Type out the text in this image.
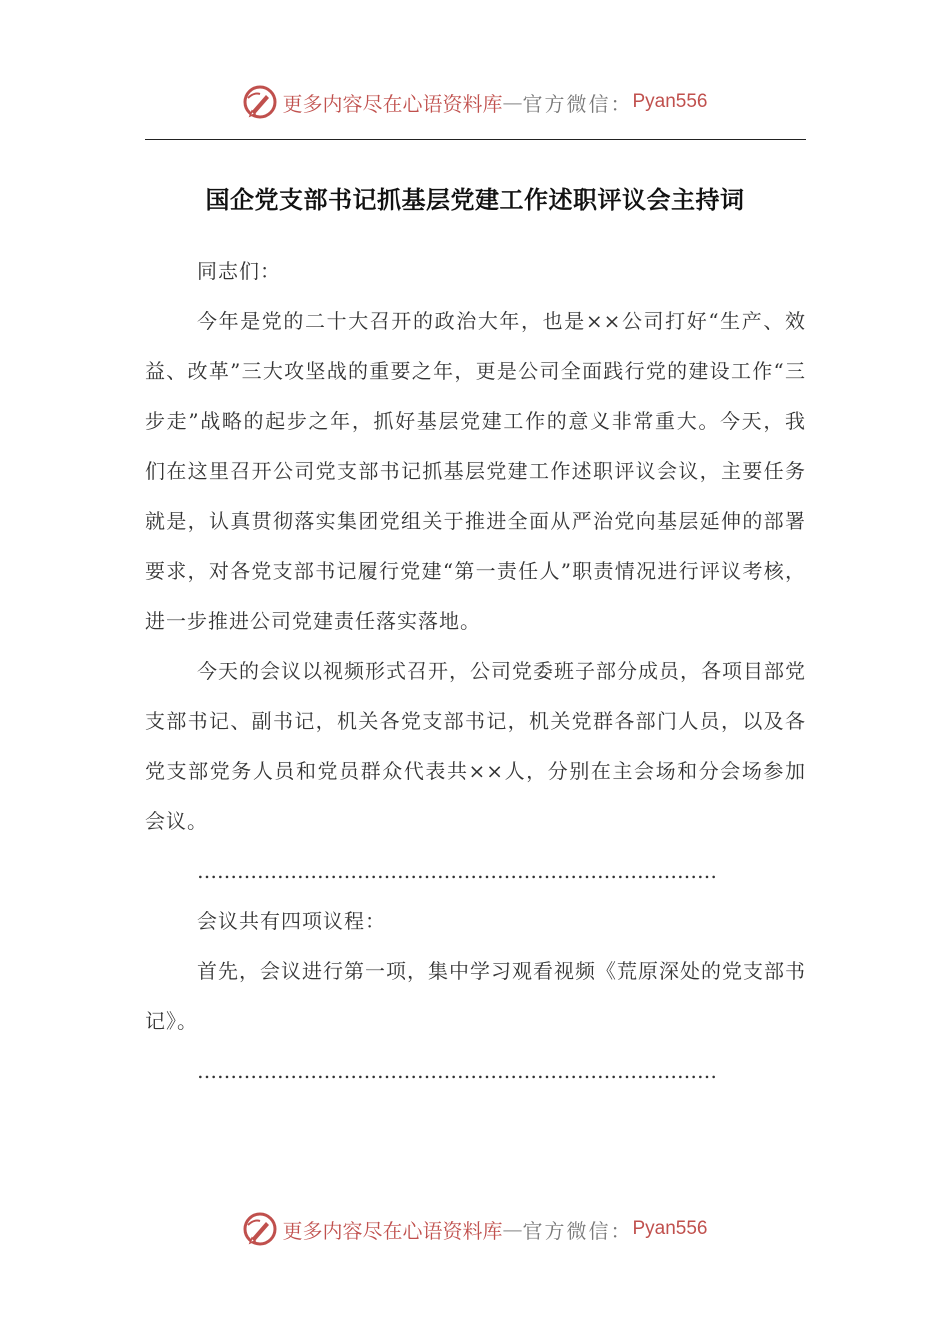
更多内容尽在心语资料库 — 官方微信： Pyan556
国企党支部书记抓基层党建工作述职评议会主持词

同志们：

今年是党的二十大召开的政治大年，也是××公司打好“生产、效益、改革”三大攻坚战的重要之年，更是公司全面践行党的建设工作“三步走”战略的起步之年，抓好基层党建工作的意义非常重大。今天，我们在这里召开公司党支部书记抓基层党建工作述职评议会议，主要任务就是，认真贯彻落实集团党组关于推进全面从严治党向基层延伸的部署要求，对各党支部书记履行党建“第一责任人”职责情况进行评议考核，进一步推进公司党建责任落实落地。

今天的会议以视频形式召开，公司党委班子部分成员，各项目部党支部书记、副书记，机关各党支部书记，机关党群各部门人员，以及各党支部党务人员和党员群众代表共××人，分别在主会场和分会场参加会议。

……………………………………………………………………

会议共有四项议程：

首先，会议进行第一项，集中学习观看视频《荒原深处的党支部书记》。

……………………………………………………………………

更多内容尽在心语资料库 — 官方微信： Pyan556
